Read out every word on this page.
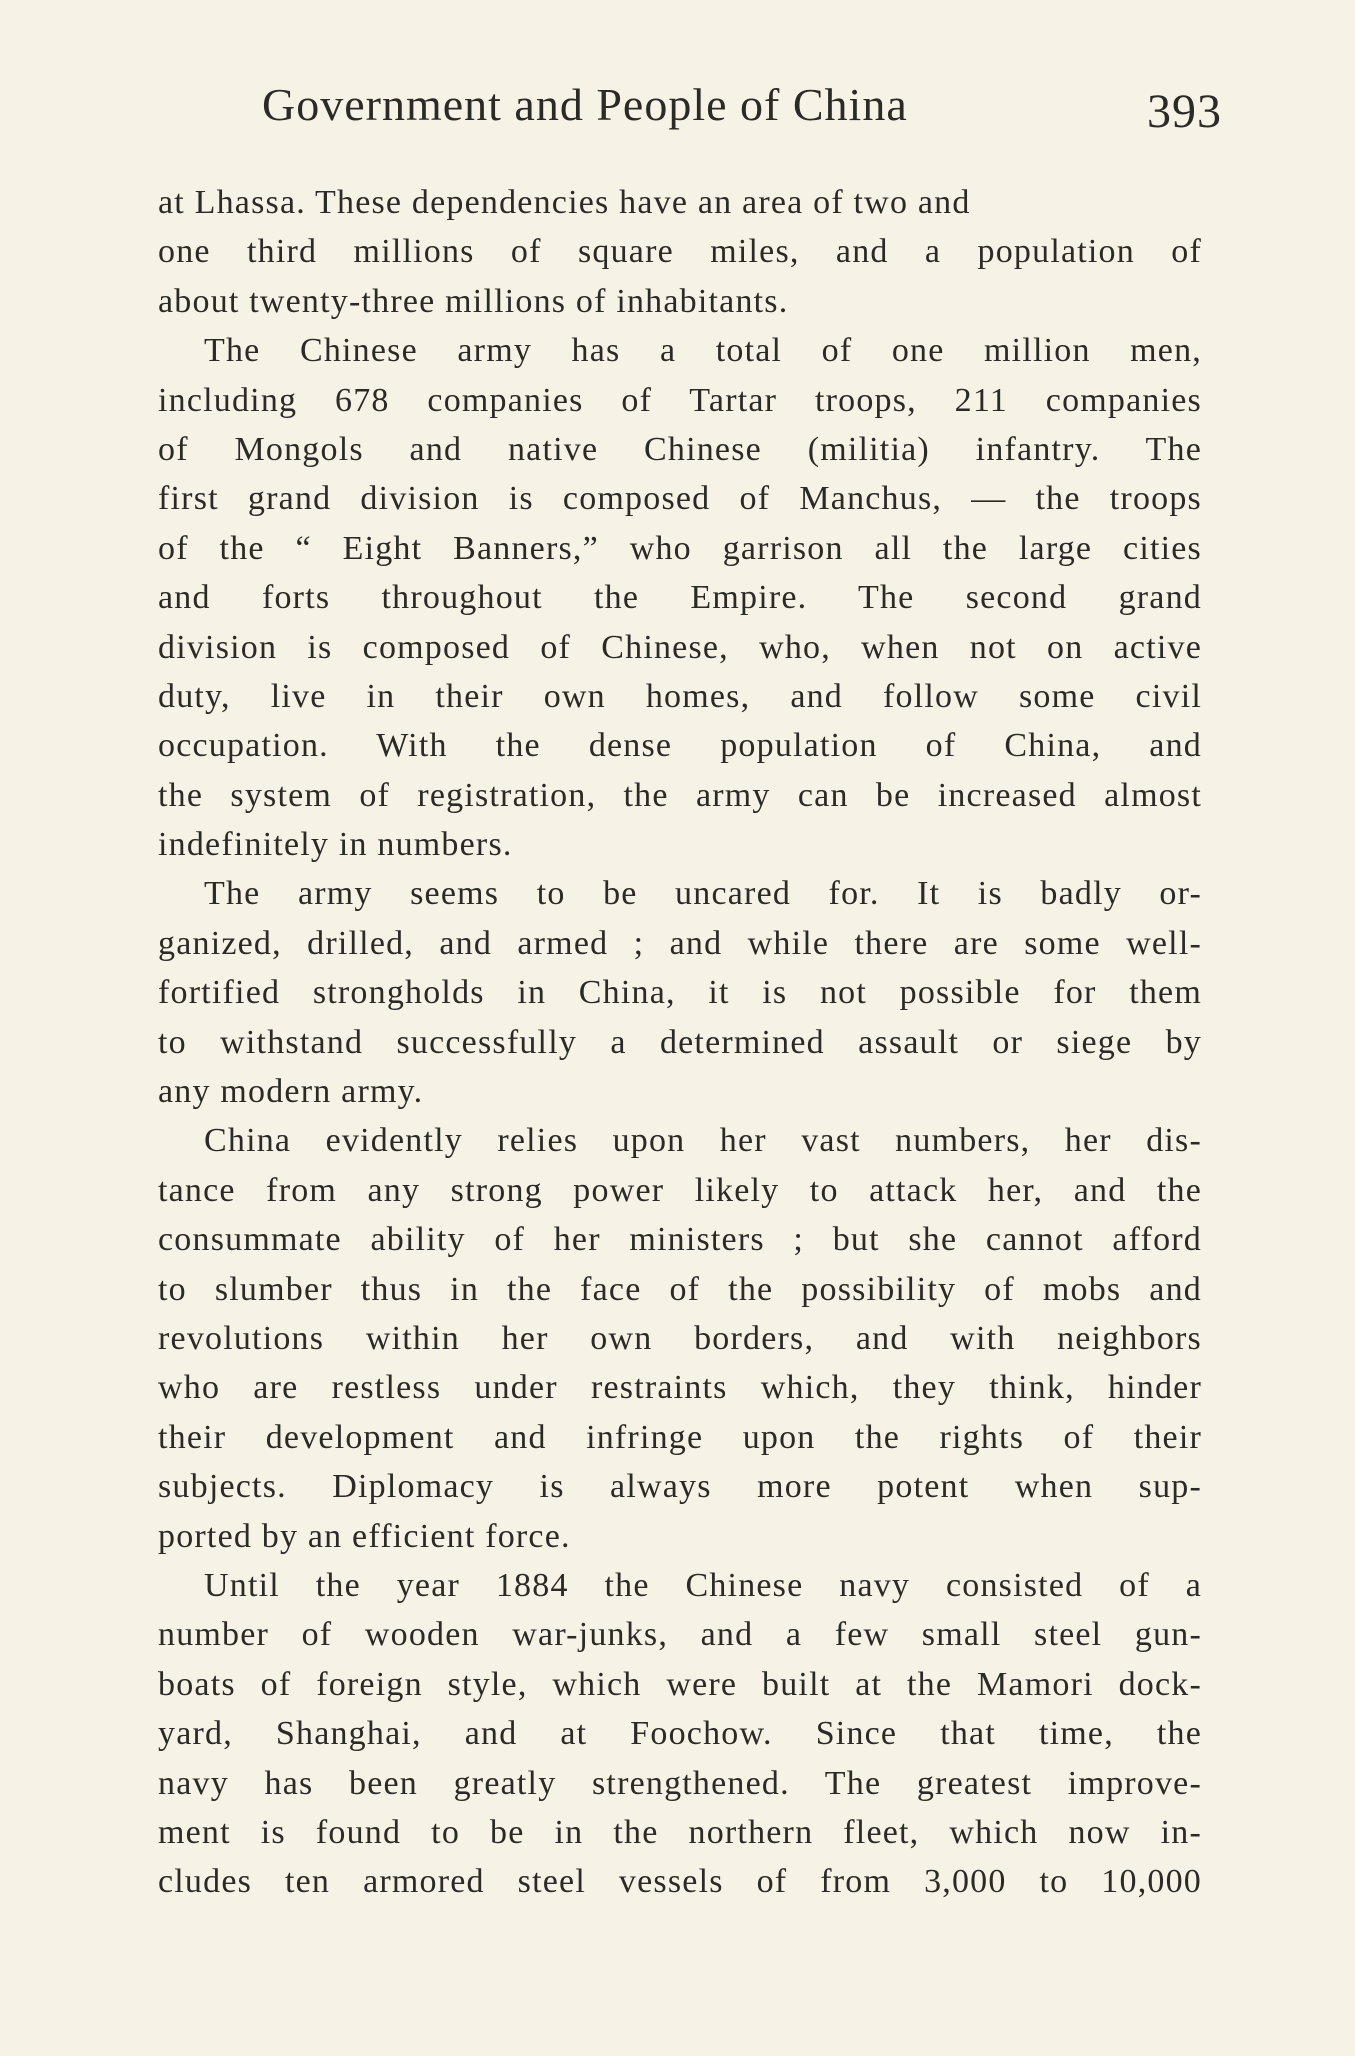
Government and People of China	393
at Lhassa. These dependencies have an area of two and
one third millions of square miles, and a population of
about twenty-three millions of inhabitants.
The Chinese army has a total of one million men,
including 678 companies of Tartar troops, 211 companies
of Mongols and native Chinese (militia) infantry. The
first grand division is composed of Manchus, — the troops
of the “ Eight Banners,” who garrison all the large cities
and forts throughout the Empire. The second grand
division is composed of Chinese, who, when not on active
duty, live in their own homes, and follow some civil
occupation. With the dense population of China, and
the system of registration, the army can be increased almost
indefinitely in numbers.
The army seems to be uncared for. It is badly or-
ganized, drilled, and armed ; and while there are some well-
fortified strongholds in China, it is not possible for them
to withstand successfully a determined assault or siege by
any modern army.
China evidently relies upon her vast numbers, her dis-
tance from any strong power likely to attack her, and the
consummate ability of her ministers ; but she cannot afford
to slumber thus in the face of the possibility of mobs and
revolutions within her own borders, and with neighbors
who are restless under restraints which, they think, hinder
their development and infringe upon the rights of their
subjects. Diplomacy is always more potent when sup-
ported by an efficient force.
Until the year 1884 the Chinese navy consisted of a
number of wooden war-junks, and a few small steel gun-
boats of foreign style, which were built at the Mamori dock-
yard, Shanghai, and at Foochow. Since that time, the
navy has been greatly strengthened. The greatest improve-
ment is found to be in the northern fleet, which now in-
cludes ten armored steel vessels of from 3,000 to 10,000
